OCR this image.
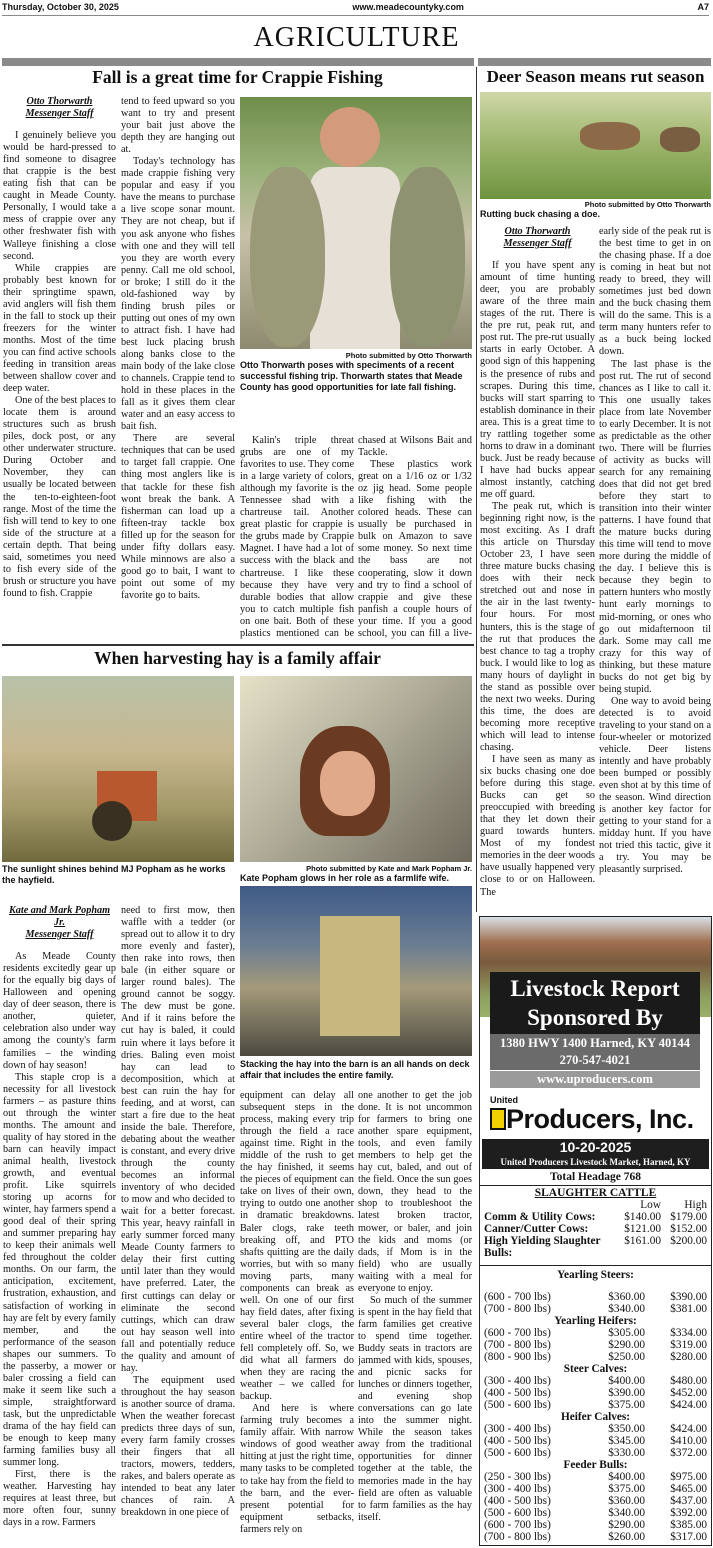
Thursday, October 30, 2025	www.meadecountyky.com	A7
AGRICULTURE
Fall is a great time for Crappie Fishing
Otto Thorwarth
Messenger Staff

I genuinely believe you would be hard-pressed to find someone to disagree that crappie is the best eating fish that can be caught in Meade County. Personally, I would take a mess of crappie over any other freshwater fish with Walleye finishing a close second.

While crappies are probably best known for their springtime spawn, avid anglers will fish them in the fall to stock up their freezers for the winter months. Most of the time you can find active schools feeding in transition areas between shallow cover and deep water.

One of the best places to locate them is around structures such as brush piles, dock post, or any other underwater structure. During October and November, they can usually be located between the ten-to-eighteen-foot range. Most of the time the fish will tend to key to one side of the structure at a certain depth. That being said, sometimes you need to fish every side of the brush or structure you have found to fish. Crappie

tend to feed upward so you want to try and present your bait just above the depth they are hanging out at.

Today's technology has made crappie fishing very popular and easy if you have the means to purchase a live scope sonar mount. They are not cheap, but if you ask anyone who fishes with one and they will tell you they are worth every penny. Call me old school, or broke; I still do it the old-fashioned way by finding brush piles or putting out ones of my own to attract fish. I have had best luck placing brush along banks close to the main body of the lake close to channels. Crappie tend to hold in these places in the fall as it gives them clear water and an easy access to bait fish.

There are several techniques that can be used to target fall crappie. One thing most anglers like is that tackle for these fish wont break the bank. A fisherman can load up a fifteen-tray tackle box filled up for the season for under fifty dollars easy. While minnows are also a good go to bait, I want to point out some of my favorite go to baits.

Photo submitted by Otto Thorwarth
Otto Thorwarth poses with speciments of a recent successful fishing trip. Thorwarth states that Meade County has good opportunities for late fall fishing.

Kalin's triple threat grubs are one of my favorites to use. They come in a large variety of colors, although my favorite is the Tennessee shad with a chartreuse tail. Another great plastic for crappie is the grubs made by Crappie Magnet. I have had a lot of success with the black and chartreuse. I like these because they have very durable bodies that allow you to catch multiple fish on one bait. Both of these plastics mentioned can be

chased at Wilsons Bait and Tackle.

These plastics work great on a 1/16 oz or 1/32 oz jig head. Some people like fishing with the colored heads. These can usually be purchased in bulk on Amazon to save some money. So next time the bass are not cooperating, slow it down and try to find a school of crappie and give these panfish a couple hours of your time. If you a good school, you can fill a live-

Deer Season means rut season
Photo submitted by Otto Thorwarth
Rutting buck chasing a doe.
Otto Thorwarth
Messenger Staff

If you have spent any amount of time hunting deer, you are probably aware of the three main stages of the rut. There is the pre rut, peak rut, and post rut. The pre-rut usually starts in early October. A good sign of this happening is the presence of rubs and scrapes. During this time, bucks will start sparring to establish dominance in their area. This is a great time to try rattling together some horns to draw in a dominant buck. Just be ready because I have had bucks appear almost instantly, catching me off guard.

The peak rut, which is beginning right now, is the most exciting. As I draft this article on Thursday October 23, I have seen three mature bucks chasing does with their neck stretched out and nose in the air in the last twenty-four hours. For most hunters, this is the stage of the rut that produces the best chance to tag a trophy buck. I would like to log as many hours of daylight in the stand as possible over the next two weeks. During this time, the does are becoming more receptive which will lead to intense chasing.

I have seen as many as six bucks chasing one doe before during this stage. Bucks can get so preoccupied with breeding that they let down their guard towards hunters. Most of my fondest memories in the deer woods have usually happened very close to or on Halloween. The

early side of the peak rut is the best time to get in on the chasing phase. If a doe is coming in heat but not ready to breed, they will sometimes just bed down and the buck chasing them will do the same. This is a term many hunters refer to as a buck being locked down.

The last phase is the post rut. The rut of second chances as I like to call it. This one usually takes place from late November to early December. It is not as predictable as the other two. There will be flurries of activity as bucks will search for any remaining does that did not get bred before they start to transition into their winter patterns. I have found that the mature bucks during this time will tend to move more during the middle of the day. I believe this is because they begin to pattern hunters who mostly hunt early mornings to mid-morning, or ones who go out midafternoon til dark. Some may call me crazy for this way of thinking, but these mature bucks do not get big by being stupid.

One way to avoid being detected is to avoid traveling to your stand on a four-wheeler or motorized vehicle. Deer listens intently and have probably been bumped or possibly even shot at by this time of the season. Wind direction is another key factor for getting to your stand for a midday hunt. If you have not tried this tactic, give it a try. You may be pleasantly surprised.

When harvesting hay is a family affair
The sunlight shines behind MJ Popham as he works the hayfield.
Photo submitted by Kate and Mark Popham Jr.
Kate Popham glows in her role as a farmlife wife.
Stacking the hay into the barn is an all hands on deck affair that includes the entire family.
Kate and Mark Popham Jr.
Messenger Staff

As Meade County residents excitedly gear up for the equally big days of Halloween and opening day of deer season, there is another, quieter, celebration also under way among the county's farm families – the winding down of hay season!

This staple crop is a necessity for all livestock farmers – as pasture thins out through the winter months. The amount and quality of hay stored in the barn can heavily impact animal health, livestock growth, and eventual profit. Like squirrels storing up acorns for winter, hay farmers spend a good deal of their spring and summer preparing hay to keep their animals well fed throughout the colder months. On our farm, the anticipation, excitement, frustration, exhaustion, and satisfaction of working in hay are felt by every family member, and the performance of the season shapes our summers. To the passerby, a mower or baler crossing a field can make it seem like such a simple, straightforward task, but the unpredictable drama of the hay field can be enough to keep many farming families busy all summer long.

First, there is the weather. Harvesting hay requires at least three, but more often four, sunny days in a row. Farmers

need to first mow, then waffle with a tedder (or spread out to allow it to dry more evenly and faster), then rake into rows, then bale (in either square or larger round bales). The ground cannot be soggy. The dew must be gone. And if it rains before the cut hay is baled, it could ruin where it lays before it dries. Baling even moist hay can lead to decomposition, which at best can ruin the hay for feeding, and at worst, can start a fire due to the heat inside the bale. Therefore, debating about the weather is constant, and every drive through the county becomes an informal inventory of who decided to mow and who decided to wait for a better forecast. This year, heavy rainfall in early summer forced many Meade County farmers to delay their first cutting until later than they would have preferred. Later, the first cuttings can delay or eliminate the second cuttings, which can draw out hay season well into fall and potentially reduce the quality and amount of hay.

The equipment used throughout the hay season is another source of drama. When the weather forecast predicts three days of sun, every farm family crosses their fingers that all tractors, mowers, tedders, rakes, and balers operate as intended to beat any later chances of rain. A breakdown in one piece of

equipment can delay all subsequent steps in the process, making every trip through the field a race against time. Right in the middle of the rush to get the hay finished, it seems the pieces of equipment can take on lives of their own, trying to outdo one another in dramatic breakdowns. Baler clogs, rake teeth breaking off, and PTO shafts quitting are the daily worries, but with so many moving parts, many components can break as well. On one of our first hay field dates, after fixing several baler clogs, the entire wheel of the tractor fell completely off. So, we did what all farmers do when they are racing the weather – we called for backup.

And here is where farming truly becomes a family affair. With narrow windows of good weather hitting at just the right time, many tasks to be completed to take hay from the field to the barn, and the ever-present potential for equipment setbacks, farmers rely on

one another to get the job done. It is not uncommon for farmers to bring one another spare equipment, tools, and even family members to help get the hay cut, baled, and out of the field. Once the sun goes down, they head to the shop to troubleshoot the latest broken tractor, mower, or baler, and join the kids and moms (or dads, if Mom is in the field) who are usually waiting with a meal for everyone to enjoy.

So much of the summer is spent in the hay field that farm families get creative to spend time together. Buddy seats in tractors are jammed with kids, spouses, and picnic sacks for lunches or dinners together, and evening shop conversations can go late into the summer night. While the season takes away from the traditional opportunities for dinner together at the table, the memories made in the hay field are often as valuable to farm families as the hay itself.

Livestock Report
Sponsored By
1380 HWY 1400 Harned, KY 40144
270-547-4021
www.uproducers.com
United
Producers, Inc.
10-20-2025
United Producers Livestock Market, Harned, KY
Total Headage 768
SLAUGHTER CATTLE
Low	High
Comm & Utility Cows:	$140.00 $179.00
Canner/Cutter Cows:	$121.00 $152.00
High Yielding Slaughter Bulls:
$161.00 $200.00
Yearling Steers:
(600 - 700 lbs)	$360.00	$390.00
(700 - 800 lbs)	$340.00	$381.00
Yearling Heifers:
(600 - 700 lbs)	$305.00	$334.00
(700 - 800 lbs)	$290.00	$319.00
(800 - 900 lbs)	$250.00	$280.00
Steer Calves:
(300 - 400 lbs)	$400.00	$480.00
(400 - 500 lbs)	$390.00	$452.00
(500 - 600 lbs)	$375.00	$424.00
Heifer Calves:
(300 - 400 lbs)	$350.00	$424.00
(400 - 500 lbs)	$345.00	$410.00
(500 - 600 lbs)	$330.00	$372.00
Feeder Bulls:
(250 - 300 lbs)	$400.00	$975.00
(300 - 400 lbs)	$375.00	$465.00
(400 - 500 lbs)	$360.00	$437.00
(500 - 600 lbs)	$340.00	$392.00
(600 - 700 lbs)	$290.00	$385.00
(700 - 800 lbs)	$260.00	$317.00
